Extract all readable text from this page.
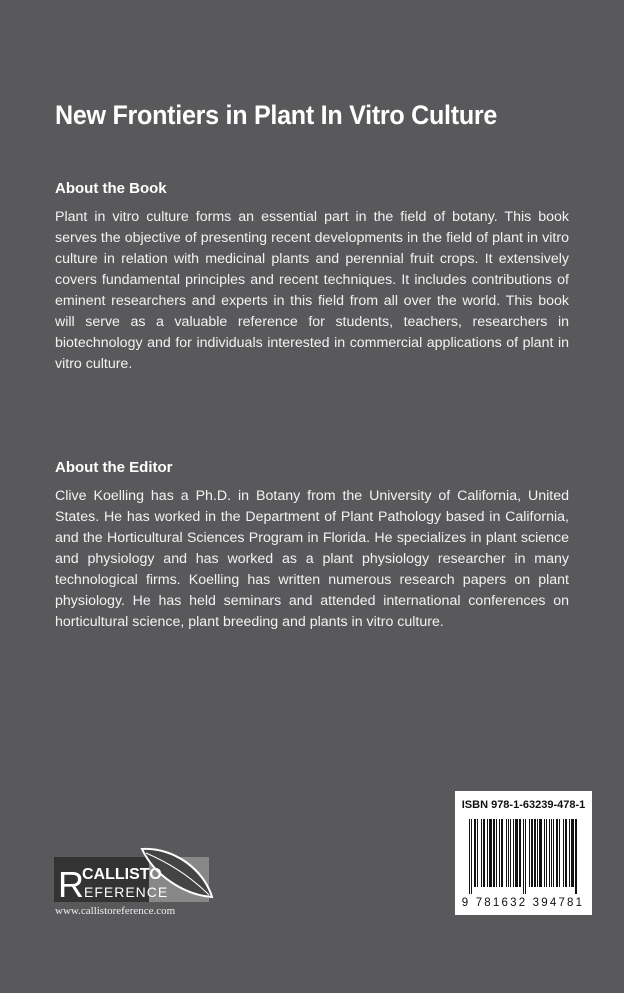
New Frontiers in Plant In Vitro Culture
About the Book
Plant in vitro culture forms an essential part in the field of botany. This book serves the objective of presenting recent developments in the field of plant in vitro culture in relation with medicinal plants and perennial fruit crops. It extensively covers fundamental principles and recent techniques. It includes contributions of eminent researchers and experts in this field from all over the world. This book will serve as a valuable reference for students, teachers, researchers in biotechnology and for individuals interested in commercial applications of plant in vitro culture.
About the Editor
Clive Koelling has a Ph.D. in Botany from the University of California, United States. He has worked in the Department of Plant Pathology based in California, and the Horticultural Sciences Program in Florida. He specializes in plant science and physiology and has worked as a plant physiology researcher in many technological firms. Koelling has written numerous research papers on plant physiology. He has held seminars and attended international conferences on horticultural science, plant breeding and plants in vitro culture.
R
CALLISTO
EFERENCE
www.callistoreference.com
ISBN 978-1-63239-478-1
9 781632 394781
